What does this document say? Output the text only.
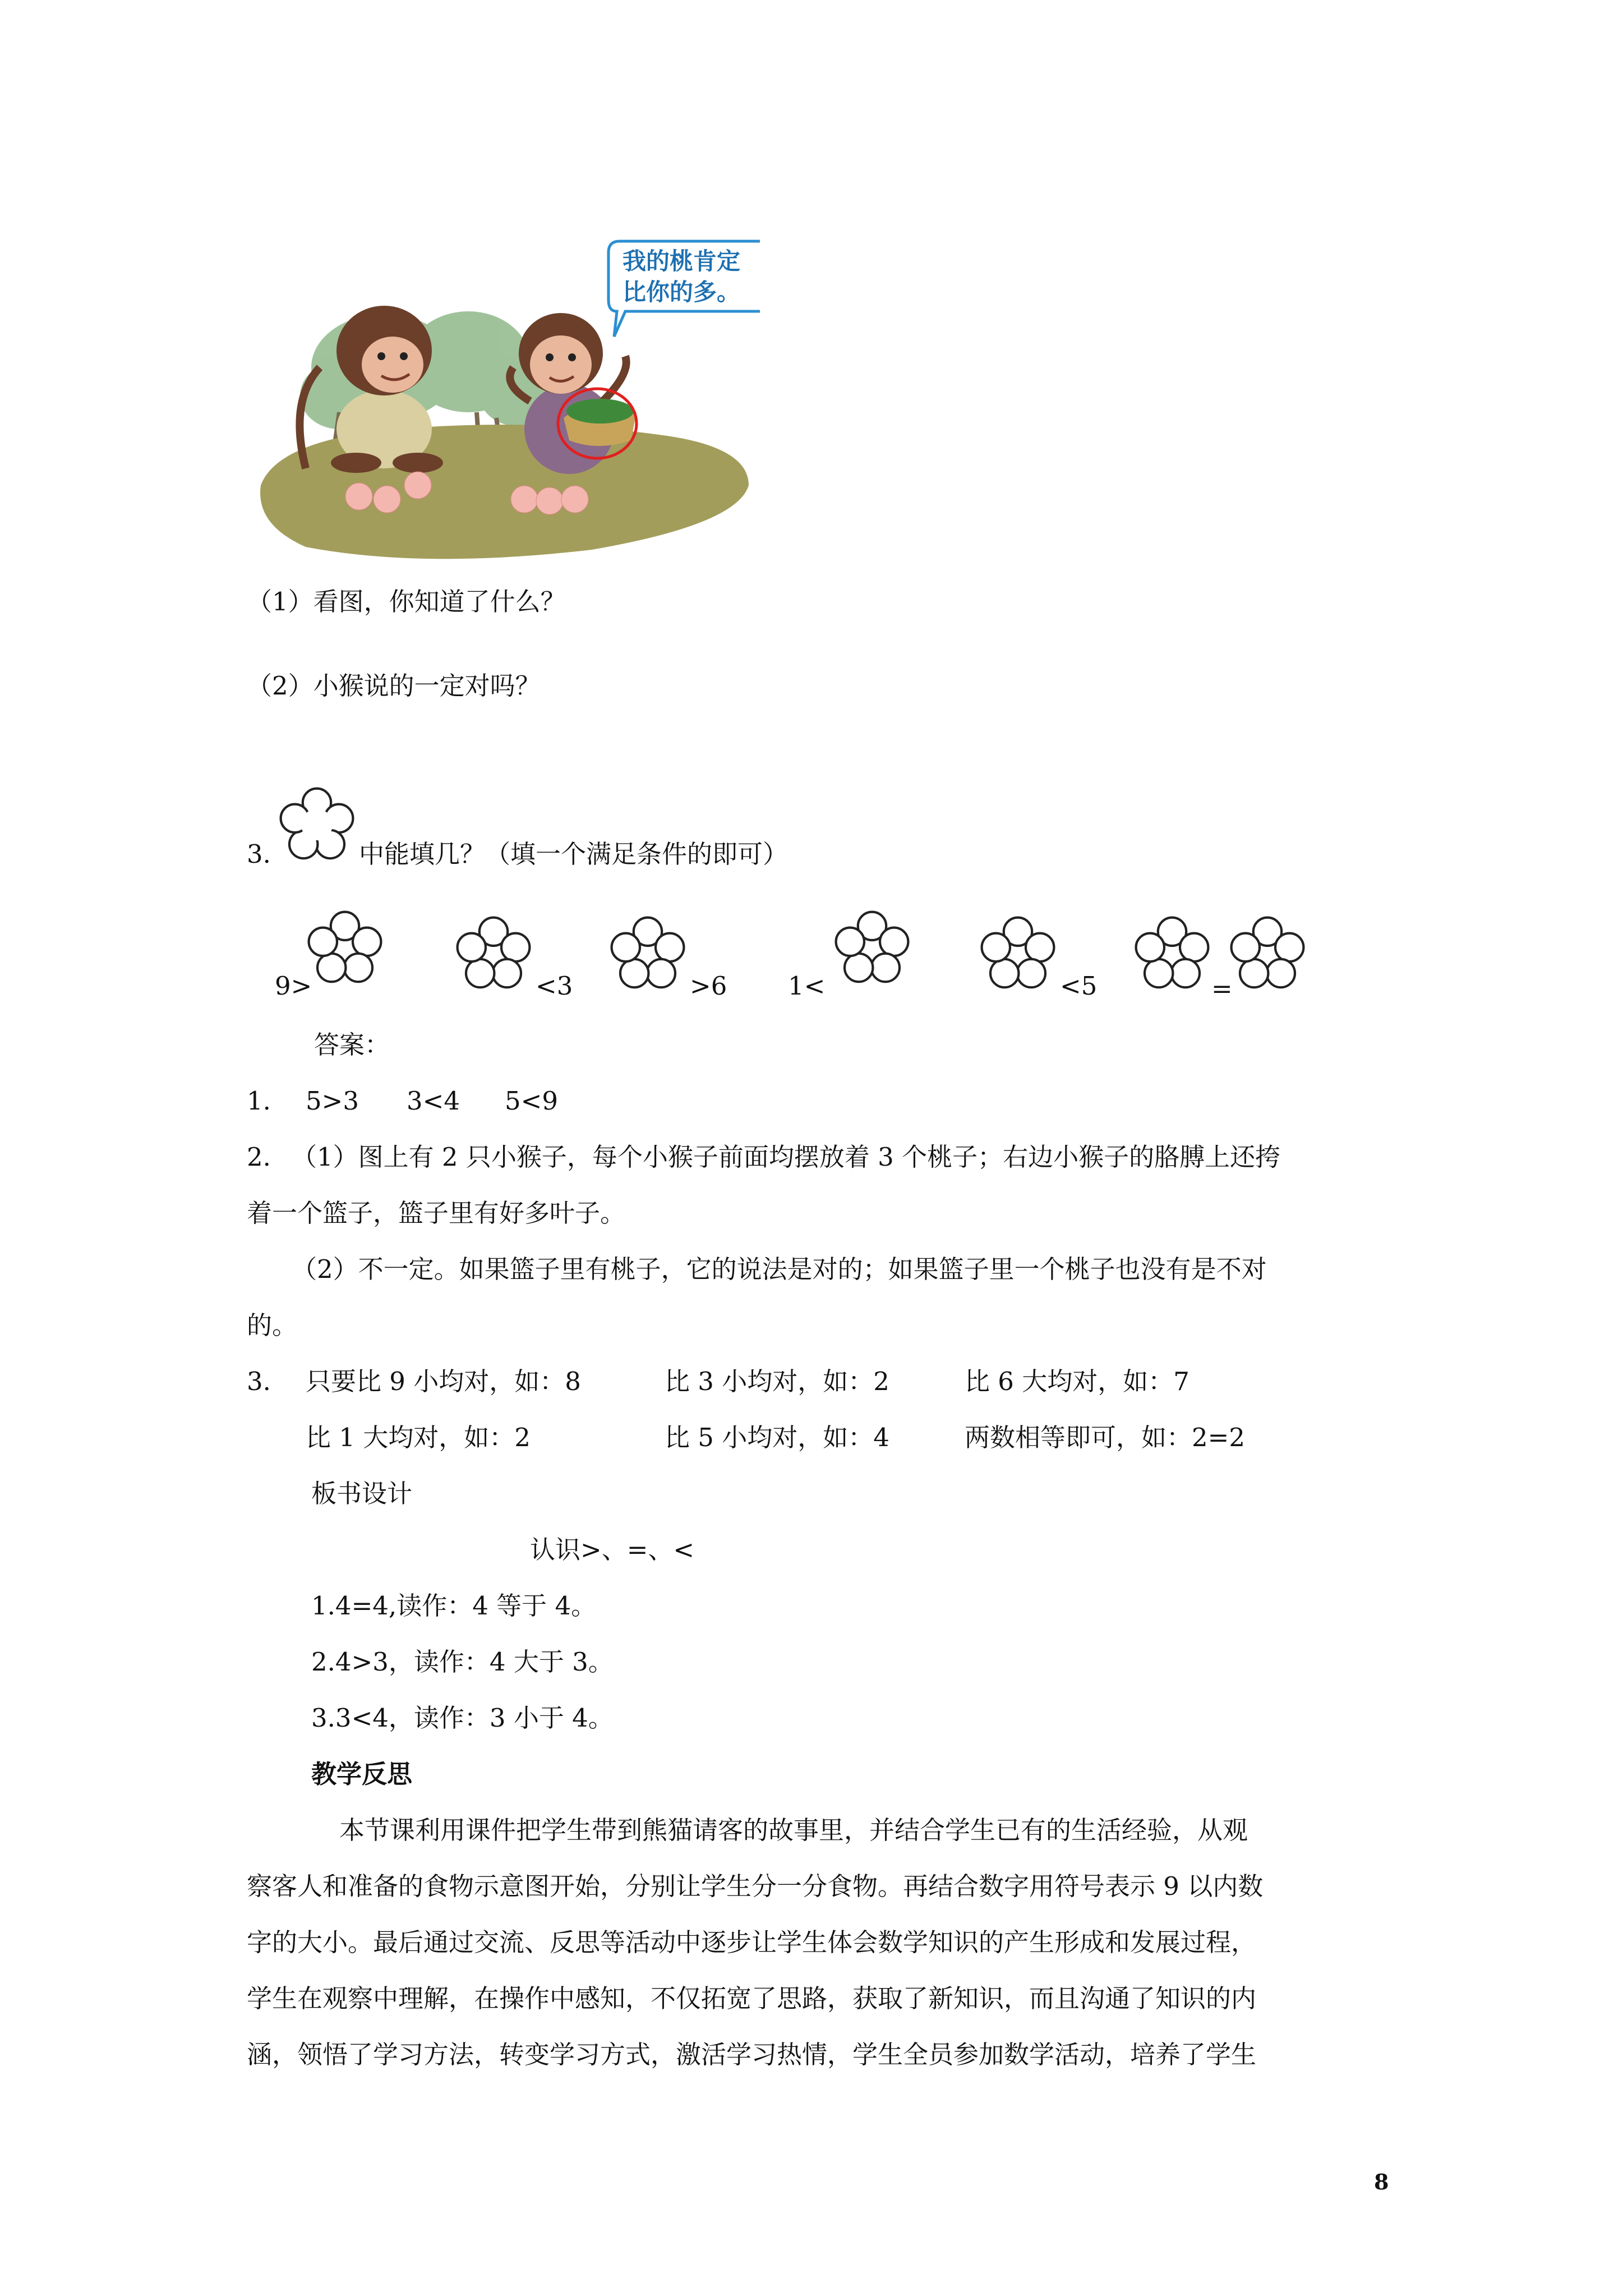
我的桃肯定
比你的多。
（1）看图，你知道了什么？
（2）小猴说的一定对吗？
3.	中能填几？（填一个满足条件的即可）
9>	<3	>6 1<	<5	=
答案：
1. 5>3 3<4 5<9
2. （1）图上有 2 只小猴子，每个小猴子前面均摆放着 3 个桃子；右边小猴子的胳膊上还挎
着一个篮子，篮子里有好多叶子。
（2）不一定。如果篮子里有桃子，它的说法是对的；如果篮子里一个桃子也没有是不对
的。
3. 只要比 9 小均对，如：8	比 3 小均对，如：2	比 6 大均对，如：7
比 1 大均对，如：2	比 5 小均对，如：4	两数相等即可，如：2=2
板书设计
认识>、=、<
1.4=4,读作：4 等于 4。
2.4>3，读作：4 大于 3。
3.3<4，读作：3 小于 4。
教学反思
本节课利用课件把学生带到熊猫请客的故事里，并结合学生已有的生活经验，从观
察客人和准备的食物示意图开始，分别让学生分一分食物。再结合数字用符号表示 9 以内数
字的大小。最后通过交流、反思等活动中逐步让学生体会数学知识的产生形成和发展过程，
学生在观察中理解，在操作中感知，不仅拓宽了思路，获取了新知识，而且沟通了知识的内
涵，领悟了学习方法，转变学习方式，激活学习热情，学生全员参加数学活动，培养了学生
8
